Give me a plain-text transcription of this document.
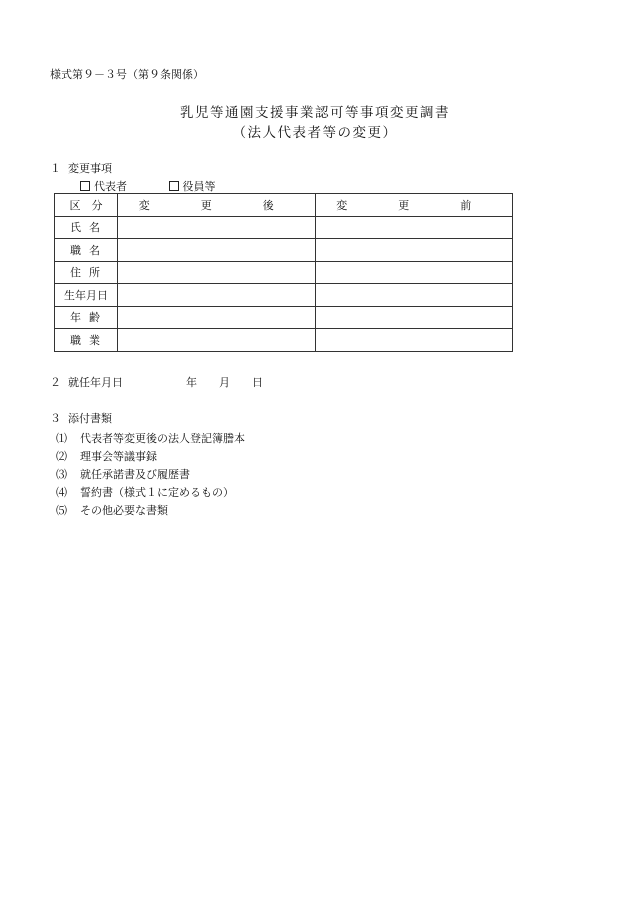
様式第９－３号（第９条関係）
乳児等通園支援事業認可等事項変更調書
（法人代表者等の変更）
１ 変更事項
代表者	役員等
区　分	変　更　後	変　更　前
氏名		
職名		
住所		
生年月日		
年齢		
職業		
２ 就任年月日	年　　月　　日
３ 添付書類
⑴ 代表者等変更後の法人登記簿謄本
⑵ 理事会等議事録
⑶ 就任承諾書及び履歴書
⑷ 誓約書（様式１に定めるもの）
⑸ その他必要な書類
